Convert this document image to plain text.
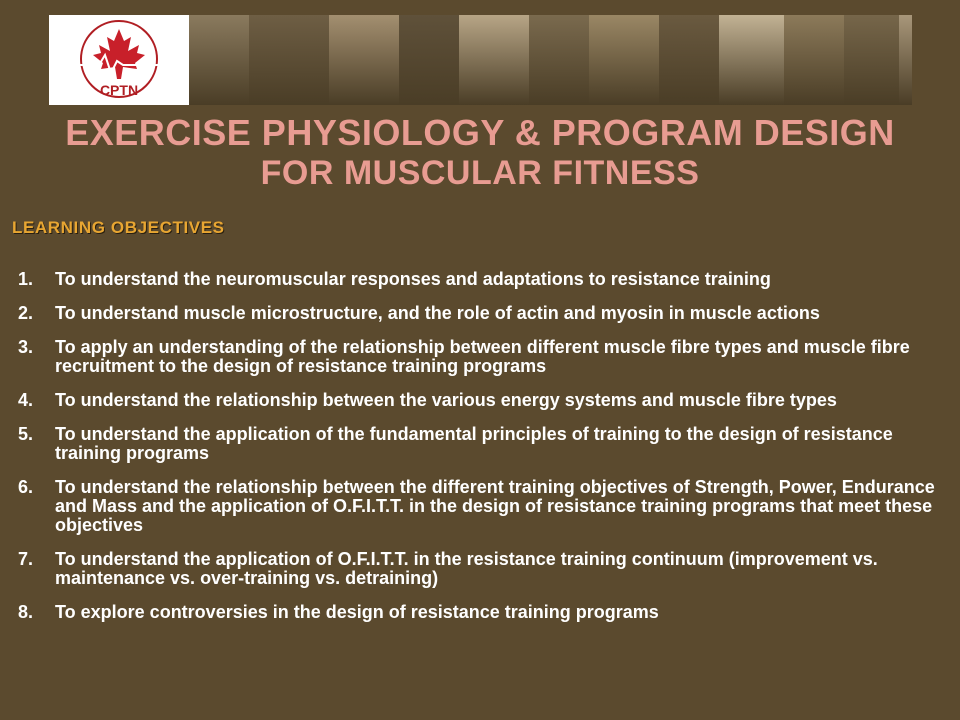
CPTN
EXERCISE PHYSIOLOGY & PROGRAM DESIGN
FOR MUSCULAR FITNESS
LEARNING OBJECTIVES
1.	To understand the neuromuscular responses and adaptations to resistance training
2.	To understand muscle microstructure, and the role of actin and myosin in muscle actions
3.	To apply an understanding of the relationship between different muscle fibre types and muscle fibre recruitment to the design of resistance training programs
4.	To understand the relationship between the various energy systems and muscle fibre types
5.	To understand the application of the fundamental principles of training to the design of resistance training programs
6.	To understand the relationship between the different training objectives of Strength, Power, Endurance and Mass and the application of O.F.I.T.T. in the design of resistance training programs that meet these objectives
7.	To understand the application of O.F.I.T.T. in the resistance training continuum (improvement vs. maintenance vs. over-training vs. detraining)
8.	To explore controversies in the design of resistance training programs
